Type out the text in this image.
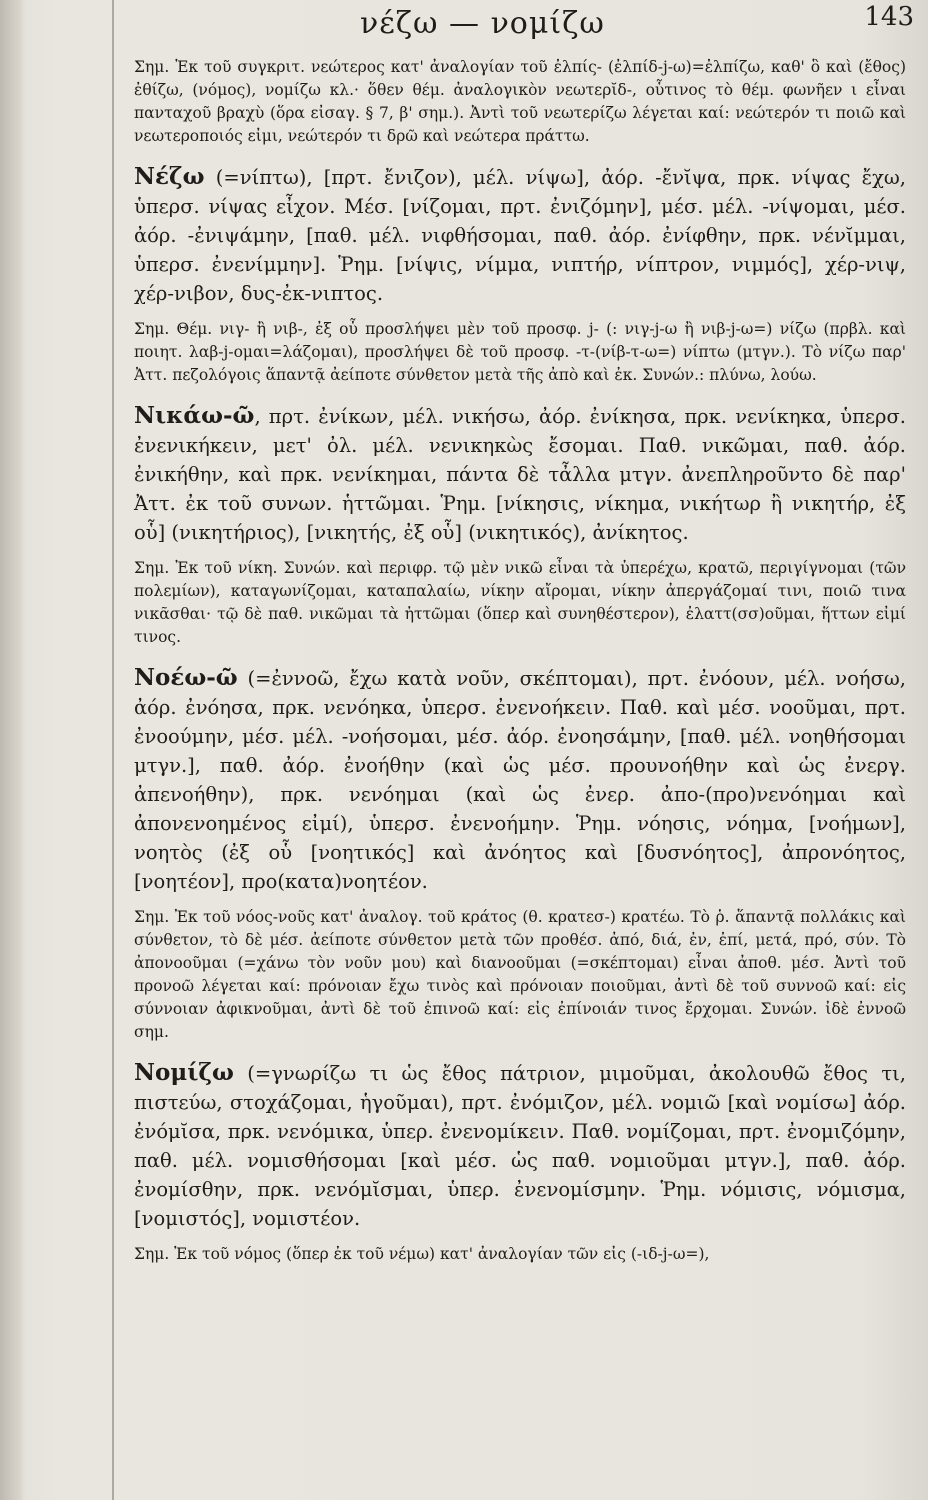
νέζω — νομίζω	143

Σημ. Ἐκ τοῦ συγκριτ. νεώτερος κατ' ἀναλογίαν τοῦ ἐλπίς- (ἐλπίδ-j-ω)=ἐλπίζω, καθ' ὃ καὶ (ἔθος) ἐθίζω, (νόμος), νομίζω κλ.· ὅθεν θέμ. ἀναλογικὸν νεωτερῐδ-, οὗτινος τὸ θέμ. φωνῆεν ι εἶναι πανταχοῦ βραχὺ (ὅρα εἰσαγ. § 7, β' σημ.). Ἀντὶ τοῦ νεωτερίζω λέγεται καί: νεώτερόν τι ποιῶ καὶ νεωτεροποιός εἰμι, νεώτερόν τι δρῶ καὶ νεώτερα πράττω.

Νέζω (=νίπτω), [πρτ. ἔνιζον), μέλ. νίψω], ἀόρ. -ἔνῐψα, πρκ. νίψας ἔχω, ὑπερσ. νίψας εἶχον. Μέσ. [νίζομαι, πρτ. ἐνιζόμην], μέσ. μέλ. -νίψομαι, μέσ. ἀόρ. -ἐνιψάμην, [παθ. μέλ. νιφθήσομαι, παθ. ἀόρ. ἐνίφθην, πρκ. νένῐμμαι, ὑπερσ. ἐνενίμμην]. Ῥημ. [νίψις, νίμμα, νιπτήρ, νίπτρον, νιμμός], χέρ-νιψ, χέρ-νιβον, δυς-ἐκ-νιπτος.

Σημ. Θέμ. νιγ- ἢ νιβ-, ἐξ οὗ προσλήψει μὲν τοῦ προσφ. j- (: νιγ-j-ω ἢ νιβ-j-ω=) νίζω (πρβλ. καὶ ποιητ. λαβ-j-ομαι=λάζομαι), προσλήψει δὲ τοῦ προσφ. -τ-(νίβ-τ-ω=) νίπτω (μτγν.). Τὸ νίζω παρ' Ἀττ. πεζολόγοις ἅπαντᾷ ἀείποτε σύνθετον μετὰ τῆς ἀπὸ καὶ ἐκ. Συνών.: πλύνω, λούω.

Νικάω-ῶ, πρτ. ἐνίκων, μέλ. νικήσω, ἀόρ. ἐνίκησα, πρκ. νενίκηκα, ὑπερσ. ἐνενικήκειν, μετ' ὀλ. μέλ. νενικηκὼς ἔσομαι. Παθ. νικῶμαι, παθ. ἀόρ. ἐνικήθην, καὶ πρκ. νενίκημαι, πάντα δὲ τἆλλα μτγν. ἀνεπληροῦντο δὲ παρ' Ἀττ. ἐκ τοῦ συνων. ἡττῶμαι. Ῥημ. [νίκησις, νίκημα, νικήτωρ ἢ νικητήρ, ἐξ οὗ] (νικητήριος), [νικητής, ἐξ οὗ] (νικητικός), ἀνίκητος.

Σημ. Ἐκ τοῦ νίκη. Συνών. καὶ περιφρ. τῷ μὲν νικῶ εἶναι τὰ ὑπερέχω, κρατῶ, περιγίγνομαι (τῶν πολεμίων), καταγωνίζομαι, καταπαλαίω, νίκην αἴρομαι, νίκην ἀπεργάζομαί τινι, ποιῶ τινα νικᾶσθαι· τῷ δὲ παθ. νικῶμαι τὰ ἡττῶμαι (ὅπερ καὶ συνηθέστερον), ἐλαττ(σσ)οῦμαι, ἥττων εἰμί τινος.

Νοέω-ῶ (=ἐννοῶ, ἔχω κατὰ νοῦν, σκέπτομαι), πρτ. ἐνόουν, μέλ. νοήσω, ἀόρ. ἐνόησα, πρκ. νενόηκα, ὑπερσ. ἐνενοήκειν. Παθ. καὶ μέσ. νοοῦμαι, πρτ. ἐνοούμην, μέσ. μέλ. -νοήσομαι, μέσ. ἀόρ. ἐνοησάμην, [παθ. μέλ. νοηθήσομαι μτγν.], παθ. ἀόρ. ἐνοήθην (καὶ ὡς μέσ. προυνοήθην καὶ ὡς ἐνεργ. ἀπενοήθην), πρκ. νενόημαι (καὶ ὡς ἐνερ. ἀπο-(προ)νενόημαι καὶ ἀπονενοημένος εἰμί), ὑπερσ. ἐνενοήμην. Ῥημ. νόησις, νόημα, [νοήμων], νοητὸς (ἐξ οὗ [νοητικός] καὶ ἀνόητος καὶ [δυσνόητος], ἀπρονόητος, [νοητέον], προ(κατα)νοητέον.

Σημ. Ἐκ τοῦ νόος-νοῦς κατ' ἀναλογ. τοῦ κράτος (θ. κρατεσ-) κρατέω. Τὸ ῥ. ἅπαντᾷ πολλάκις καὶ σύνθετον, τὸ δὲ μέσ. ἀείποτε σύνθετον μετὰ τῶν προθέσ. ἀπό, διά, ἐν, ἐπί, μετά, πρό, σύν. Τὸ ἀπονοοῦμαι (=χάνω τὸν νοῦν μου) καὶ διανοοῦμαι (=σκέπτομαι) εἶναι ἀποθ. μέσ. Ἀντὶ τοῦ προνοῶ λέγεται καί: πρόνοιαν ἔχω τινὸς καὶ πρόνοιαν ποιοῦμαι, ἀντὶ δὲ τοῦ συννοῶ καί: εἰς σύννοιαν ἀφικνοῦμαι, ἀντὶ δὲ τοῦ ἐπινοῶ καί: εἰς ἐπίνοιάν τινος ἔρχομαι. Συνών. ἰδὲ ἐννοῶ σημ.

Νομίζω (=γνωρίζω τι ὡς ἔθος πάτριον, μιμοῦμαι, ἀκολουθῶ ἔθος τι, πιστεύω, στοχάζομαι, ἡγοῦμαι), πρτ. ἐνόμιζον, μέλ. νομιῶ [καὶ νομίσω] ἀόρ. ἐνόμῐσα, πρκ. νενόμικα, ὑπερ. ἐνενομίκειν. Παθ. νομίζομαι, πρτ. ἐνομιζόμην, παθ. μέλ. νομισθήσομαι [καὶ μέσ. ὡς παθ. νομιοῦμαι μτγν.], παθ. ἀόρ. ἐνομίσθην, πρκ. νενόμῐσμαι, ὑπερ. ἐνενομίσμην. Ῥημ. νόμισις, νόμισμα, [νομιστός], νομιστέον.

Σημ. Ἐκ τοῦ νόμος (ὅπερ ἐκ τοῦ νέμω) κατ' ἀναλογίαν τῶν εἰς (-ιδ-j-ω=),
